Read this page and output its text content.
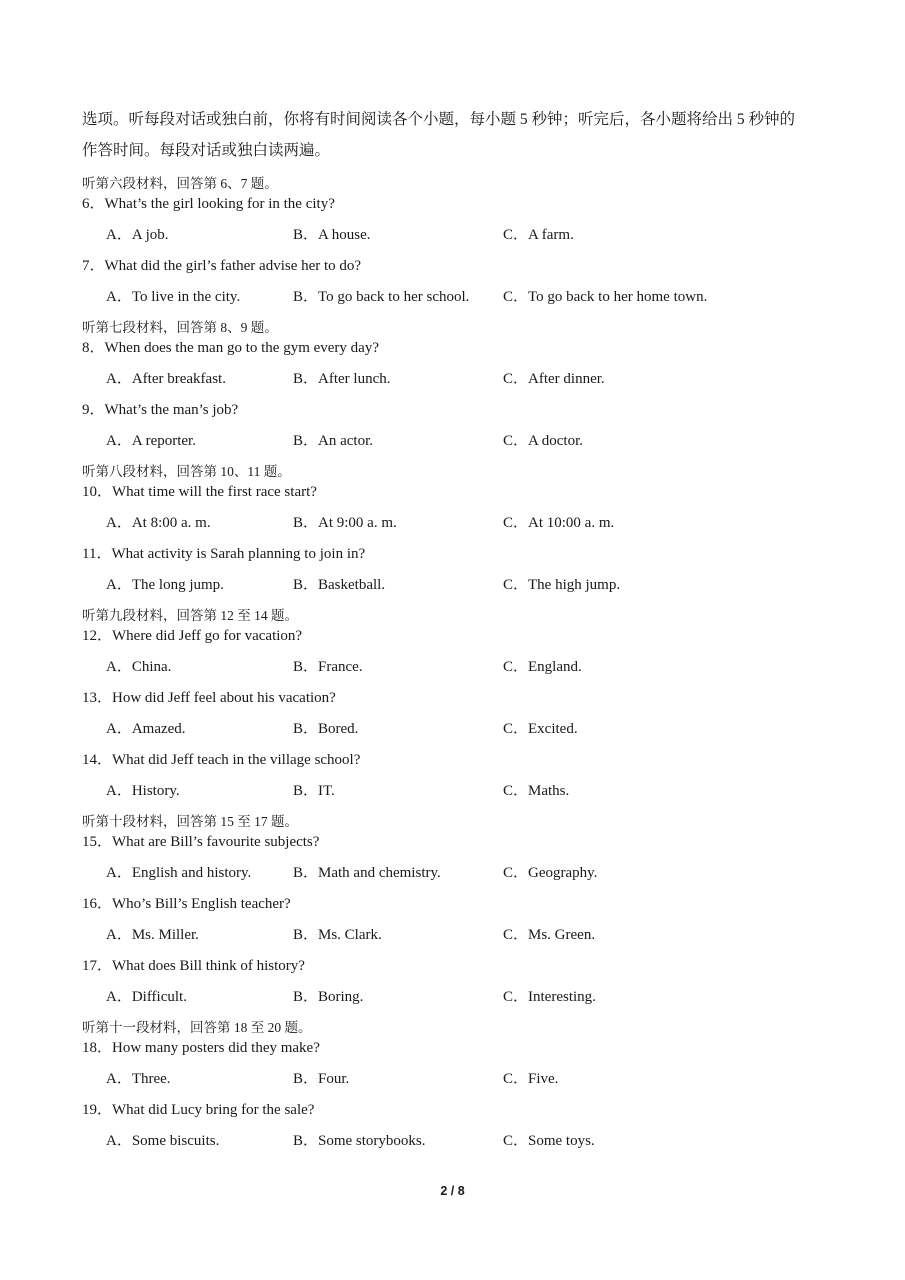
选项。听每段对话或独白前，你将有时间阅读各个小题，每小题 5 秒钟；听完后，各小题将给出 5 秒钟的
作答时间。每段对话或独白读两遍。
听第六段材料，回答第 6、7 题。
6．What’s the girl looking for in the city?
A．A job.	B．A house.	C．A farm.
7．What did the girl’s father advise her to do?
A．To live in the city.	B．To go back to her school. C．To go back to her home town.
听第七段材料，回答第 8、9 题。
8．When does the man go to the gym every day?
A．After breakfast.	B．After lunch.	C．After dinner.
9．What’s the man’s job?
A．A reporter.	B．An actor.	C．A doctor.
听第八段材料，回答第 10、11 题。
10．What time will the first race start?
A．At 8:00 a. m.	B．At 9:00 a. m.	C．At 10:00 a. m.
11．What activity is Sarah planning to join in?
A．The long jump.	B．Basketball.	C．The high jump.
听第九段材料，回答第 12 至 14 题。
12．Where did Jeff go for vacation?
A．China.	B．France.	C．England.
13．How did Jeff feel about his vacation?
A．Amazed.	B．Bored.	C．Excited.
14．What did Jeff teach in the village school?
A．History.	B．IT.	C．Maths.
听第十段材料，回答第 15 至 17 题。
15．What are Bill’s favourite subjects?
A．English and history.	B．Math and chemistry.	C．Geography.
16．Who’s Bill’s English teacher?
A．Ms. Miller.	B．Ms. Clark.	C．Ms. Green.
17．What does Bill think of history?
A．Difficult.	B．Boring.	C．Interesting.
听第十一段材料，回答第 18 至 20 题。
18．How many posters did they make?
A．Three.	B．Four.	C．Five.
19．What did Lucy bring for the sale?
A．Some biscuits.	B．Some storybooks.	C．Some toys.
2 / 8
